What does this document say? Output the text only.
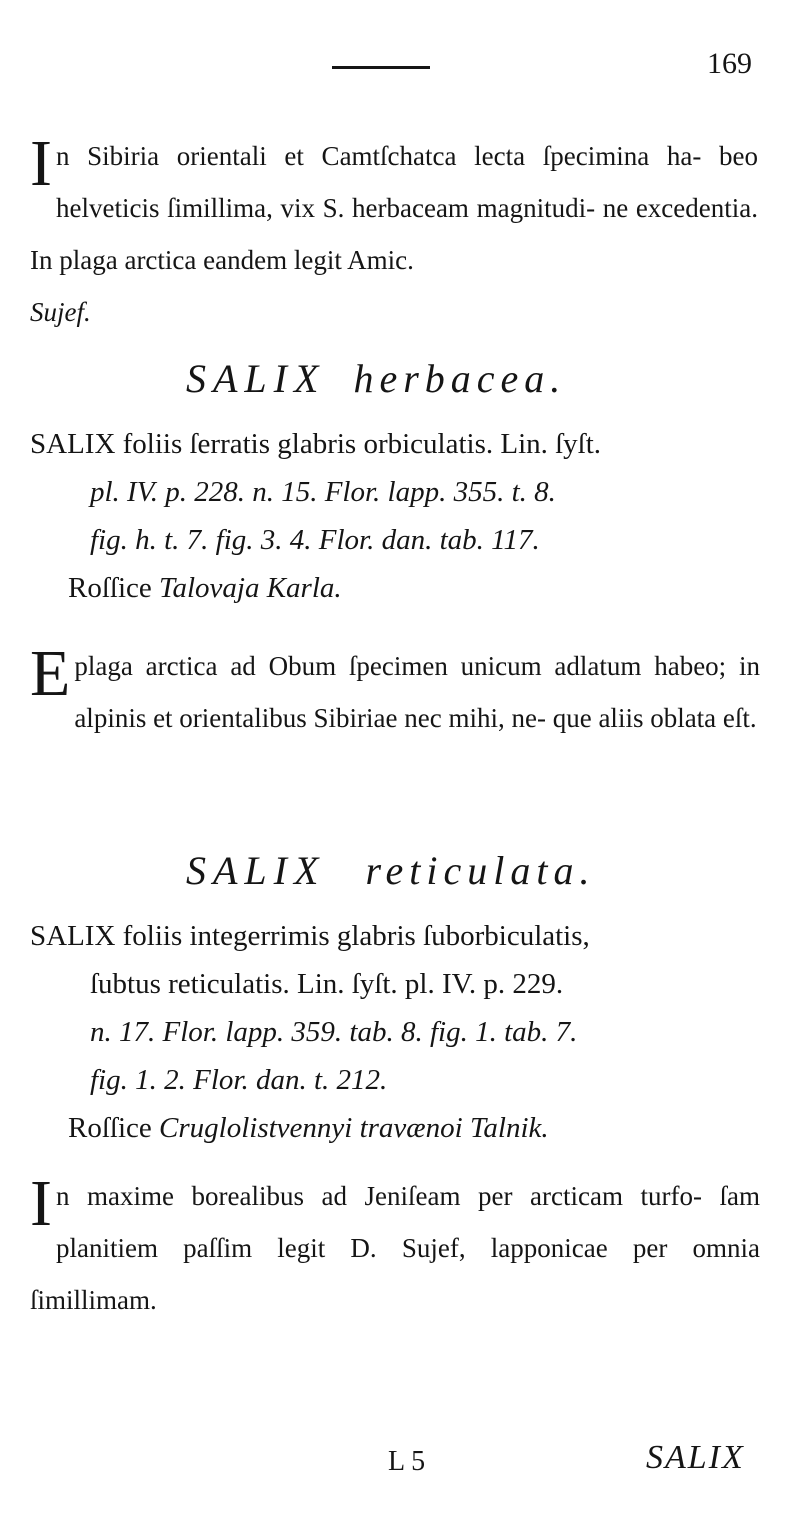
169
I n Sibiria orientali et Camtſchatca lecta ſpecimina ha- beo helveticis ſimillima, vix S. herbaceam magnitudi- ne excedentia. In plaga arctica eandem legit Amic.
Sujef.
SALIX herbacea.
SALIX foliis ſerratis glabris orbiculatis. Lin. ſyſt.
pl. IV. p. 228. n. 15. Flor. lapp. 355. t. 8.
fig. h. t. 7. fig. 3. 4. Flor. dan. tab. 117.
Roſſice Talovaja Karla.
E plaga arctica ad Obum ſpecimen unicum adlatum habeo; in alpinis et orientalibus Sibiriae nec mihi, ne- que aliis oblata eſt.
SALIX reticulata.
SALIX foliis integerrimis glabris ſuborbiculatis,
ſubtus reticulatis. Lin. ſyſt. pl. IV. p. 229.
n. 17. Flor. lapp. 359. tab. 8. fig. 1. tab. 7.
fig. 1. 2. Flor. dan. t. 212.
Roſſice Cruglolistvennyi travænoi Talnik.
I n maxime borealibus ad Jeniſeam per arcticam turfo- ſam planitiem paſſim legit D. Sujef, lapponicae per omnia ſimillimam.
L 5	SALIX
